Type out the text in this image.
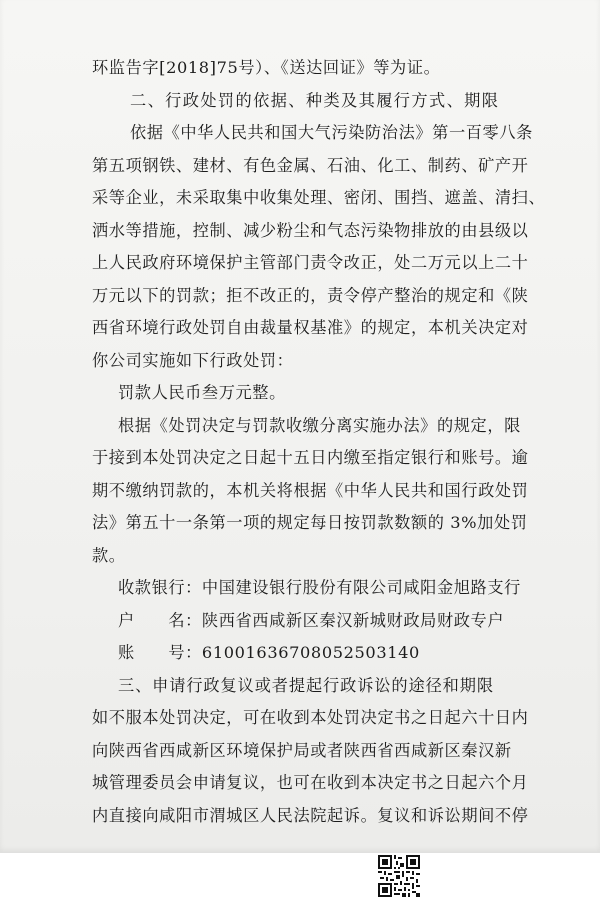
环监告字[2018]75号）、《送达回证》等为证。
二、行政处罚的依据、种类及其履行方式、期限
依据《中华人民共和国大气污染防治法》第一百零八条
第五项钢铁、建材、有色金属、石油、化工、制药、矿产开
采等企业，未采取集中收集处理、密闭、围挡、遮盖、清扫、
洒水等措施，控制、减少粉尘和气态污染物排放的由县级以
上人民政府环境保护主管部门责令改正，处二万元以上二十
万元以下的罚款；拒不改正的，责令停产整治的规定和《陕
西省环境行政处罚自由裁量权基准》的规定，本机关决定对
你公司实施如下行政处罚：
罚款人民币叁万元整。
根据《处罚决定与罚款收缴分离实施办法》的规定，限
于接到本处罚决定之日起十五日内缴至指定银行和账号。逾
期不缴纳罚款的，本机关将根据《中华人民共和国行政处罚
法》第五十一条第一项的规定每日按罚款数额的 3%加处罚
款。
收款银行：中国建设银行股份有限公司咸阳金旭路支行
户　　名：陕西省西咸新区秦汉新城财政局财政专户
账　　号：61001636708052503140
三、申请行政复议或者提起行政诉讼的途径和期限
如不服本处罚决定，可在收到本处罚决定书之日起六十日内
向陕西省西咸新区环境保护局或者陕西省西咸新区秦汉新
城管理委员会申请复议，也可在收到本决定书之日起六个月
内直接向咸阳市渭城区人民法院起诉。复议和诉讼期间不停
